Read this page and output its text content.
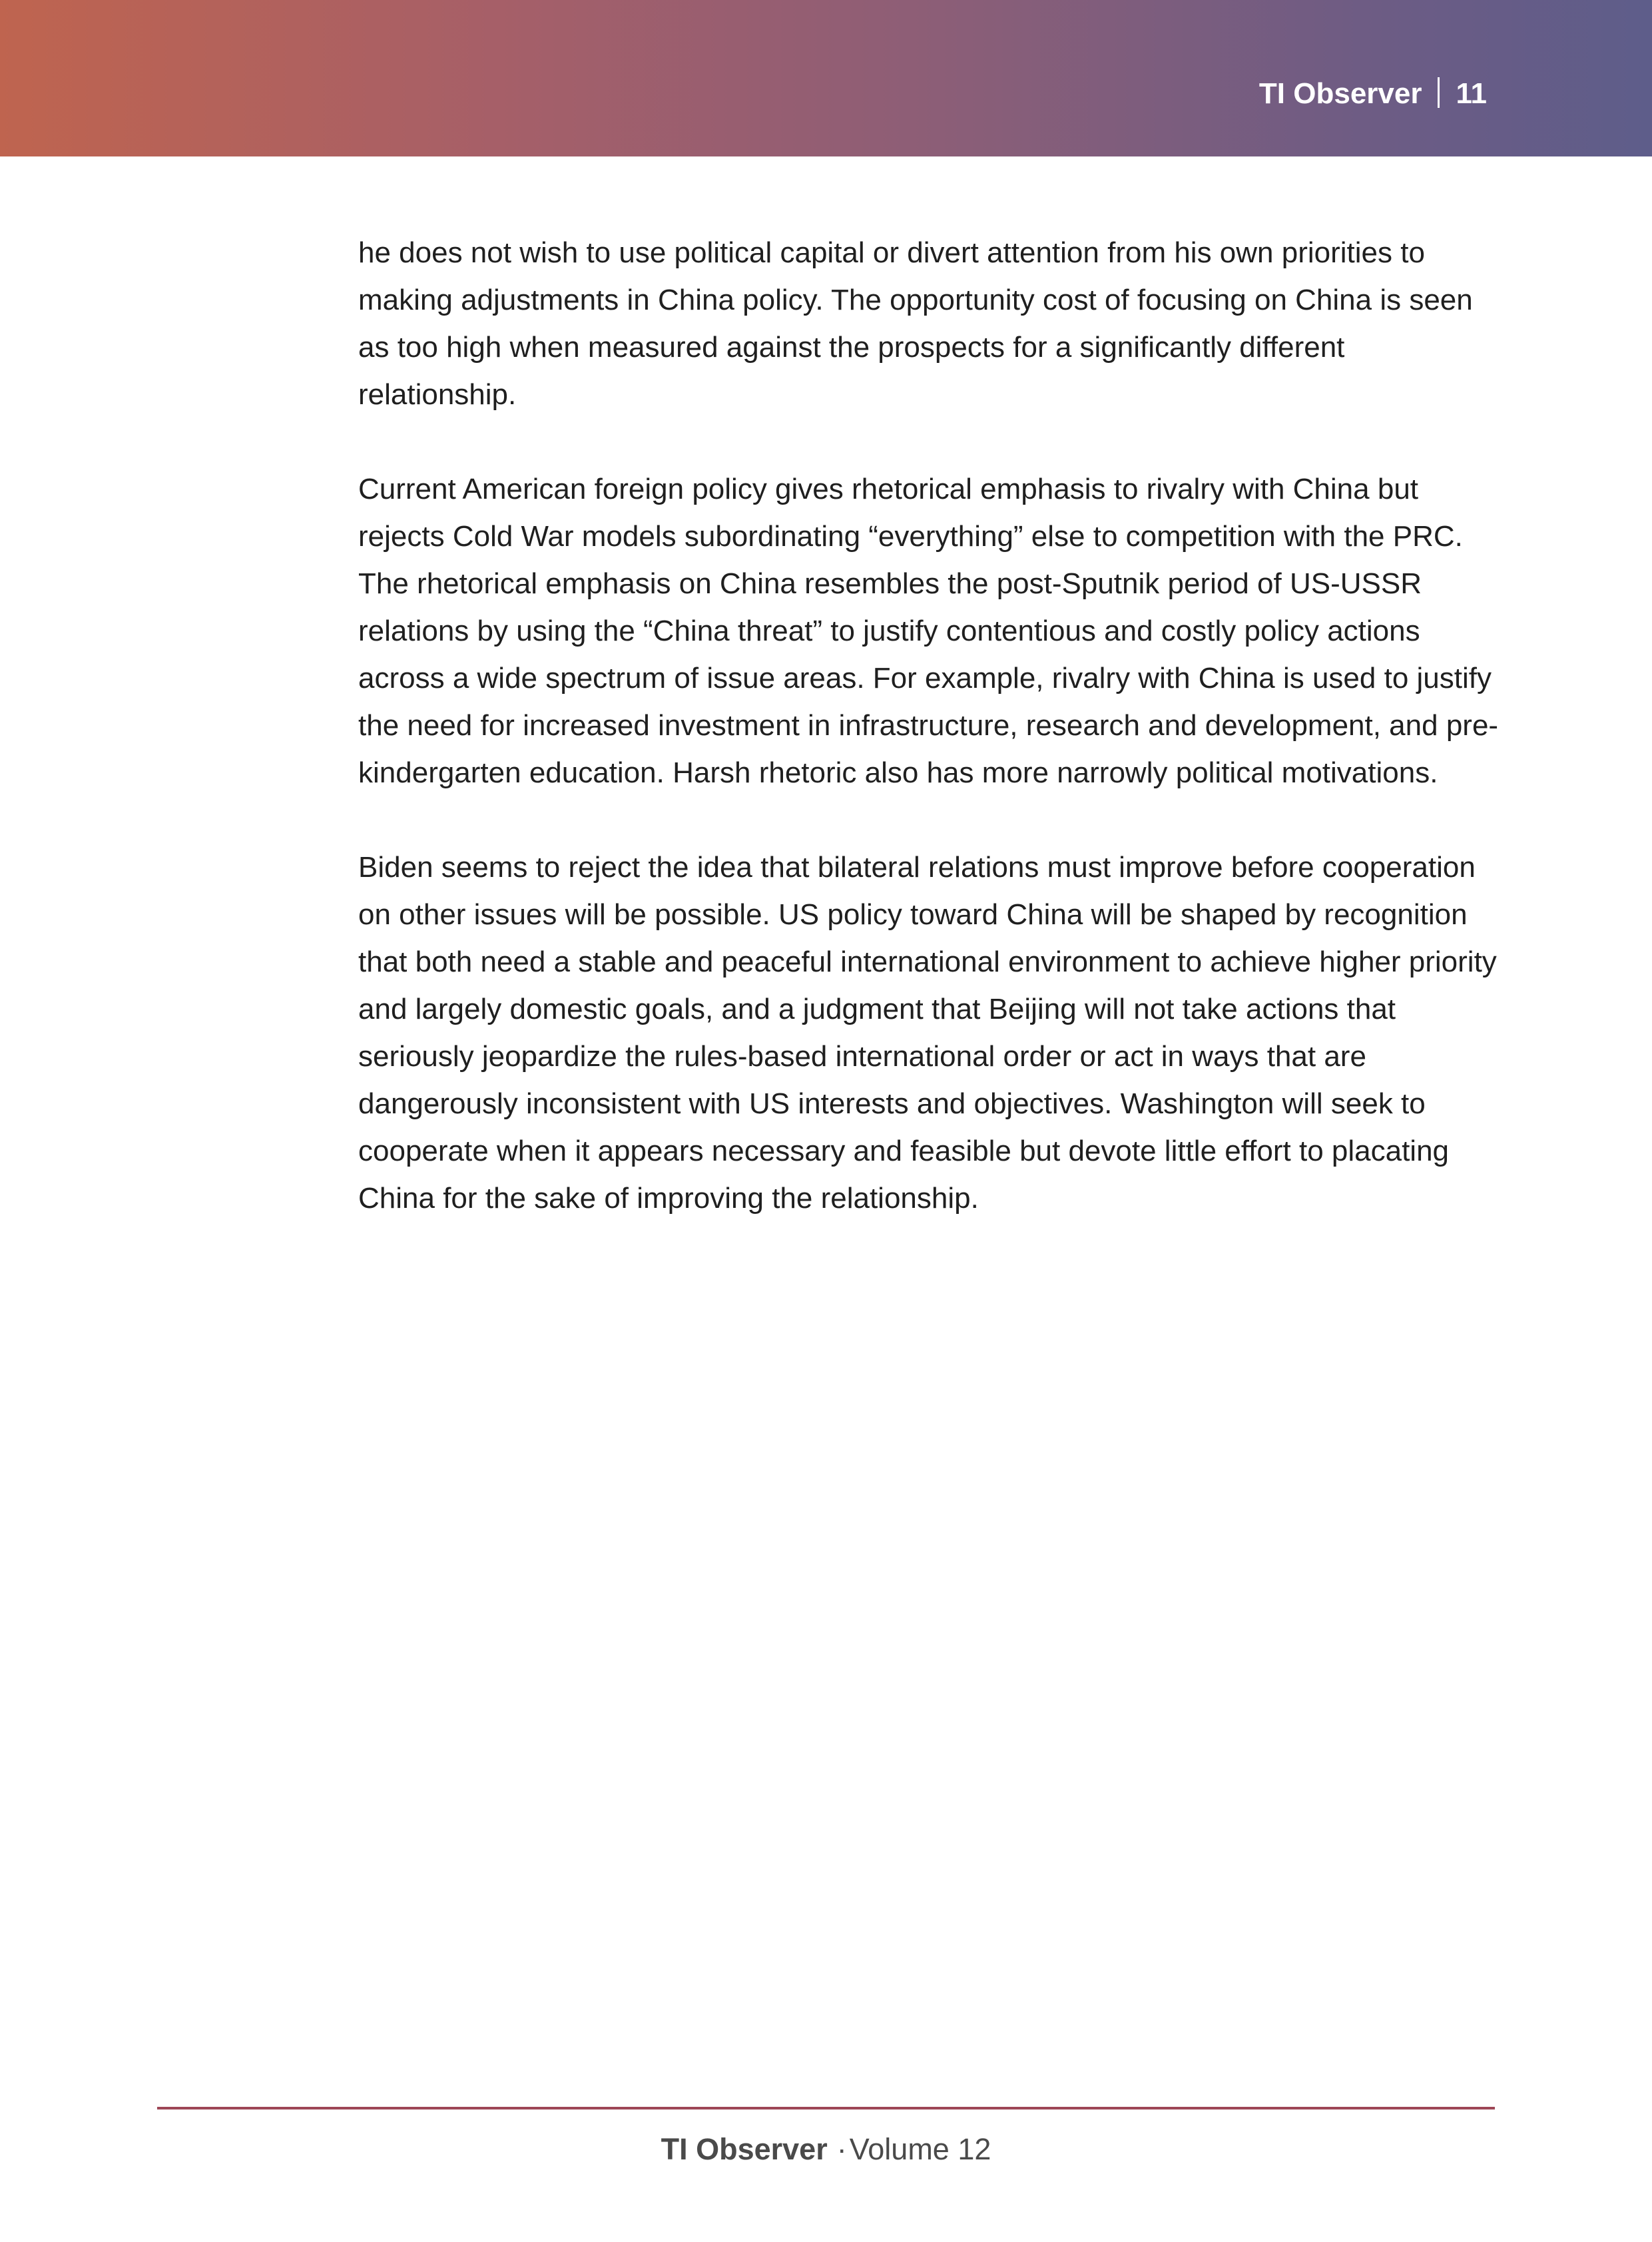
TI Observer 11

he does not wish to use political capital or divert attention from his own priorities to making adjustments in China policy. The opportunity cost of focusing on China is seen as too high when measured against the prospects for a significantly different relationship.

Current American foreign policy gives rhetorical emphasis to rivalry with China but rejects Cold War models subordinating “everything” else to competition with the PRC. The rhetorical emphasis on China resembles the post-Sputnik period of US-USSR relations by using the “China threat” to justify contentious and costly policy actions across a wide spectrum of issue areas. For example, rivalry with China is used to justify the need for increased investment in infrastructure, research and development, and pre-kindergarten education. Harsh rhetoric also has more narrowly political motivations.

Biden seems to reject the idea that bilateral relations must improve before cooperation on other issues will be possible. US policy toward China will be shaped by recognition that both need a stable and peaceful international environment to achieve higher priority and largely domestic goals, and a judgment that Beijing will not take actions that seriously jeopardize the rules-based international order or act in ways that are dangerously inconsistent with US interests and objectives. Washington will seek to cooperate when it appears necessary and feasible but devote little effort to placating China for the sake of improving the relationship.

TI Observer ·Volume 12
